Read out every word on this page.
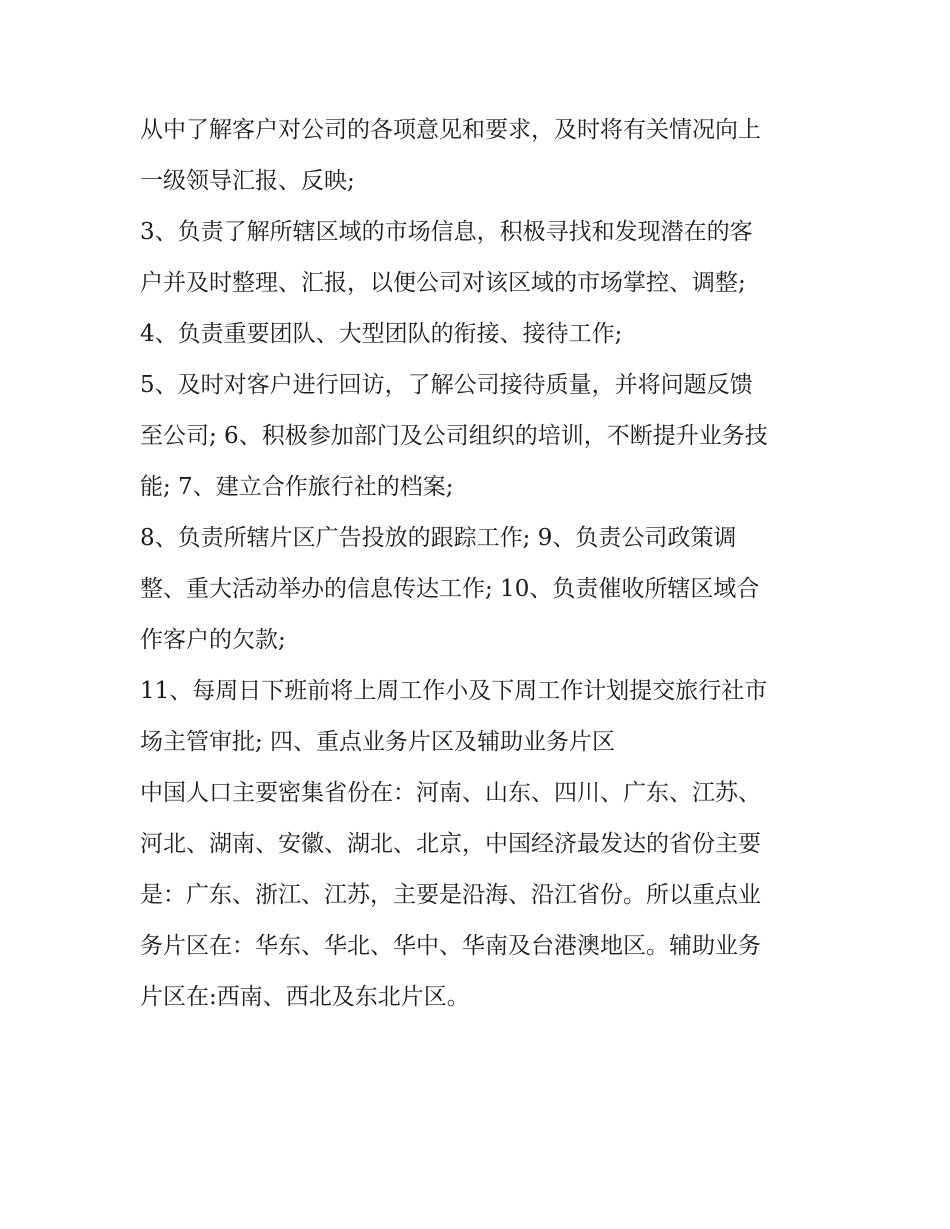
从中了解客户对公司的各项意见和要求，及时将有关情况向上
一级领导汇报、反映;
3、负责了解所辖区域的市场信息，积极寻找和发现潜在的客
户并及时整理、汇报，以便公司对该区域的市场掌控、调整;
4、负责重要团队、大型团队的衔接、接待工作;
5、及时对客户进行回访，了解公司接待质量，并将问题反馈
至公司; 6、积极参加部门及公司组织的培训，不断提升业务技
能; 7、建立合作旅行社的档案;
8、负责所辖片区广告投放的跟踪工作; 9、负责公司政策调
整、重大活动举办的信息传达工作; 10、负责催收所辖区域合
作客户的欠款;
11、每周日下班前将上周工作小及下周工作计划提交旅行社市
场主管审批; 四、重点业务片区及辅助业务片区
中国人口主要密集省份在：河南、山东、四川、广东、江苏、
河北、湖南、安徽、湖北、北京，中国经济最发达的省份主要
是：广东、浙江、江苏，主要是沿海、沿江省份。所以重点业
务片区在：华东、华北、华中、华南及台港澳地区。辅助业务
片区在:西南、西北及东北片区。
